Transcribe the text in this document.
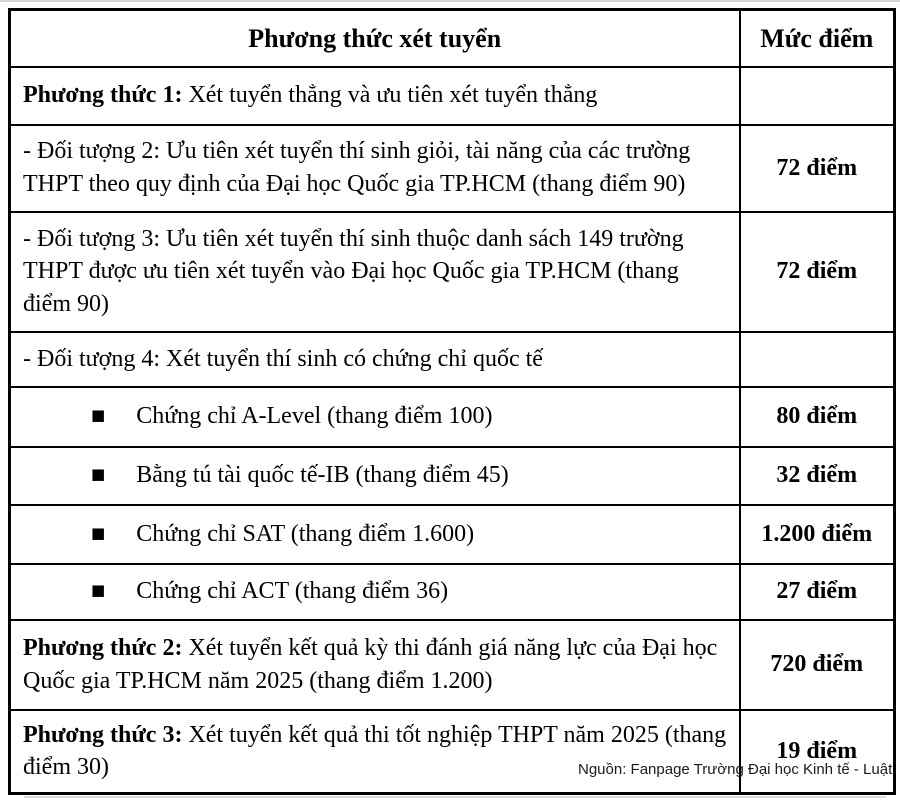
Phương thức xét tuyển	Mức điểm
Phương thức 1: Xét tuyển thẳng và ưu tiên xét tuyển thẳng	
- Đối tượng 2: Ưu tiên xét tuyển thí sinh giỏi, tài năng của các trường THPT theo quy định của Đại học Quốc gia TP.HCM (thang điểm 90)	72 điểm
- Đối tượng 3: Ưu tiên xét tuyển thí sinh thuộc danh sách 149 trường THPT được ưu tiên xét tuyển vào Đại học Quốc gia TP.HCM (thang điểm 90)	72 điểm
- Đối tượng 4: Xét tuyển thí sinh có chứng chỉ quốc tế	
■ Chứng chỉ A-Level (thang điểm 100)	80 điểm
■ Bằng tú tài quốc tế-IB (thang điểm 45)	32 điểm
■ Chứng chỉ SAT (thang điểm 1.600)	1.200 điểm
■ Chứng chỉ ACT (thang điểm 36)	27 điểm
Phương thức 2: Xét tuyển kết quả kỳ thi đánh giá năng lực của Đại học Quốc gia TP.HCM năm 2025 (thang điểm 1.200)	720 điểm
Phương thức 3: Xét tuyển kết quả thi tốt nghiệp THPT năm 2025 (thang điểm 30)	19 điểm
Nguồn: Fanpage Trường Đại học Kinh tế - Luật
